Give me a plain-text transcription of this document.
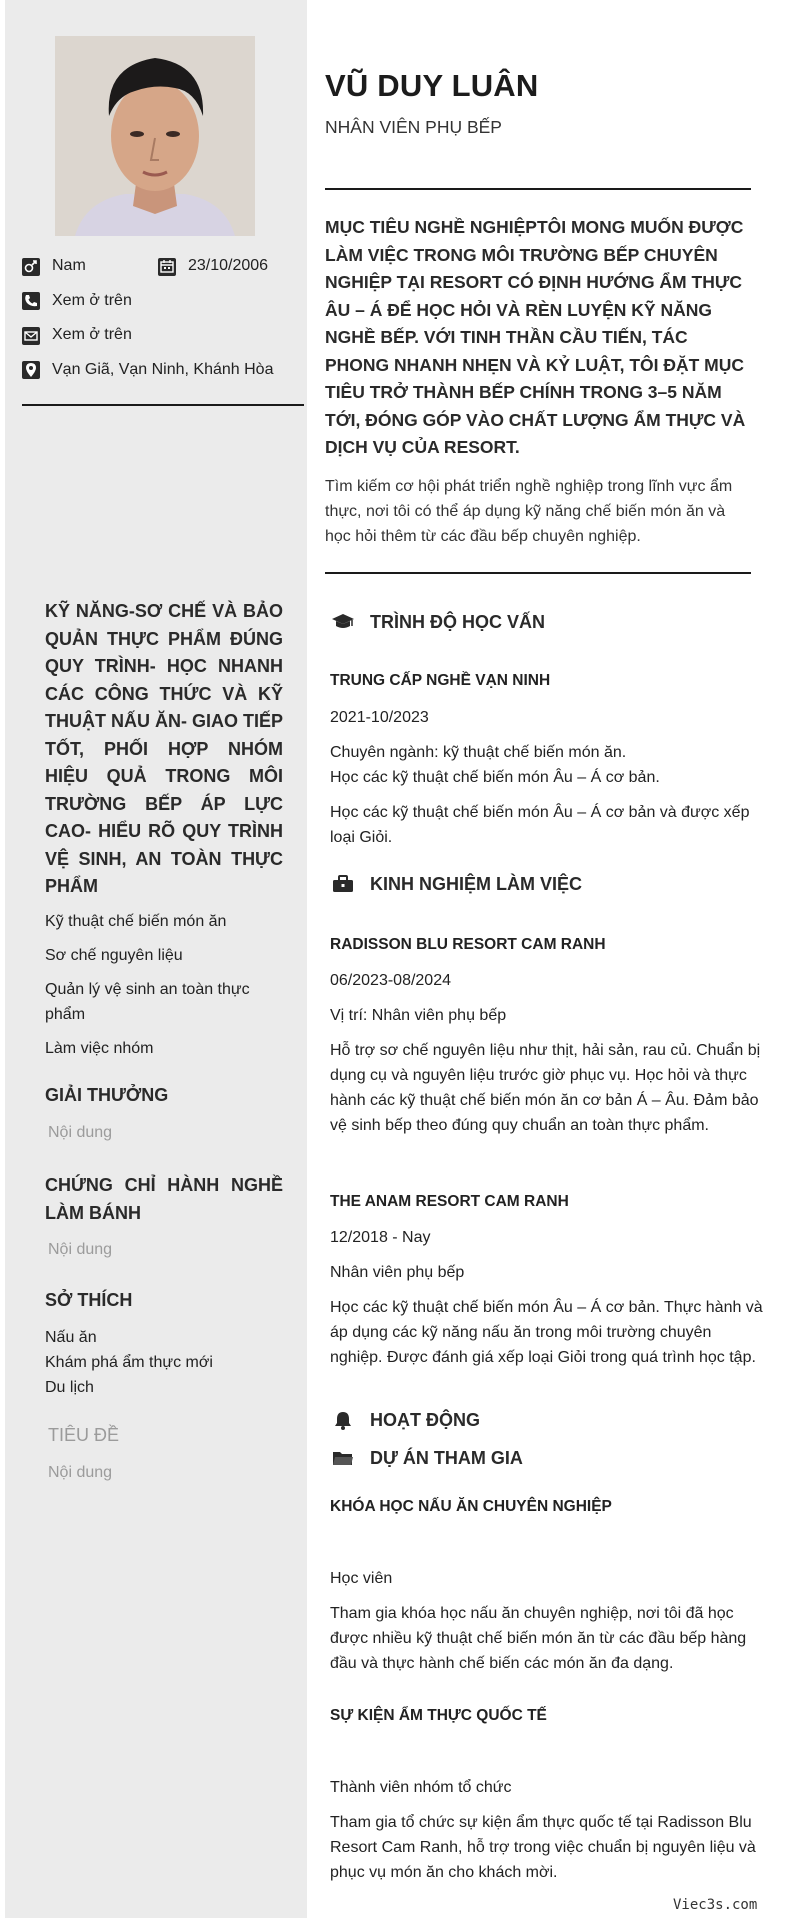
Nam	23/10/2006
Xem ở trên
Xem ở trên
Vạn Giã, Vạn Ninh, Khánh Hòa
KỸ NĂNG-SƠ CHẾ VÀ BẢO QUẢN THỰC PHẨM ĐÚNG QUY TRÌNH- HỌC NHANH CÁC CÔNG THỨC VÀ KỸ THUẬT NẤU ĂN- GIAO TIẾP TỐT, PHỐI HỢP NHÓM HIỆU QUẢ TRONG MÔI TRƯỜNG BẾP ÁP LỰC CAO- HIỂU RÕ QUY TRÌNH VỆ SINH, AN TOÀN THỰC PHẨM

Kỹ thuật chế biến món ăn

Sơ chế nguyên liệu

Quản lý vệ sinh an toàn thực phẩm

Làm việc nhóm

GIẢI THƯỞNG
Nội dung
CHỨNG CHỈ HÀNH NGHỀ LÀM BÁNH
Nội dung
SỞ THÍCH

Nấu ăn

Khám phá ẩm thực mới

Du lịch

TIÊU ĐỀ
Nội dung
VŨ DUY LUÂN
NHÂN VIÊN PHỤ BẾP
MỤC TIÊU NGHỀ NGHIỆPTÔI MONG MUỐN ĐƯỢC LÀM VIỆC TRONG MÔI TRƯỜNG BẾP CHUYÊN NGHIỆP TẠI RESORT CÓ ĐỊNH HƯỚNG ẨM THỰC ÂU – Á ĐỂ HỌC HỎI VÀ RÈN LUYỆN KỸ NĂNG NGHỀ BẾP. VỚI TINH THẦN CẦU TIẾN, TÁC PHONG NHANH NHẸN VÀ KỶ LUẬT, TÔI ĐẶT MỤC TIÊU TRỞ THÀNH BẾP CHÍNH TRONG 3–5 NĂM TỚI, ĐÓNG GÓP VÀO CHẤT LƯỢNG ẨM THỰC VÀ DỊCH VỤ CỦA RESORT.
Tìm kiếm cơ hội phát triển nghề nghiệp trong lĩnh vực ẩm thực, nơi tôi có thể áp dụng kỹ năng chế biến món ăn và học hỏi thêm từ các đầu bếp chuyên nghiệp.
TRÌNH ĐỘ HỌC VẤN
TRUNG CẤP NGHỀ VẠN NINH
2021-10/2023
Chuyên ngành: kỹ thuật chế biến món ăn.
Học các kỹ thuật chế biến món Âu – Á cơ bản.
Học các kỹ thuật chế biến món Âu – Á cơ bản và được xếp loại Giỏi.
KINH NGHIỆM LÀM VIỆC
RADISSON BLU RESORT CAM RANH
06/2023-08/2024
Vị trí: Nhân viên phụ bếp
Hỗ trợ sơ chế nguyên liệu như thịt, hải sản, rau củ. Chuẩn bị dụng cụ và nguyên liệu trước giờ phục vụ. Học hỏi và thực hành các kỹ thuật chế biến món ăn cơ bản Á – Âu. Đảm bảo vệ sinh bếp theo đúng quy chuẩn an toàn thực phẩm.
THE ANAM RESORT CAM RANH
12/2018 - Nay
Nhân viên phụ bếp
Học các kỹ thuật chế biến món Âu – Á cơ bản. Thực hành và áp dụng các kỹ năng nấu ăn trong môi trường chuyên nghiệp. Được đánh giá xếp loại Giỏi trong quá trình học tập.
HOẠT ĐỘNG
DỰ ÁN THAM GIA
KHÓA HỌC NẤU ĂN CHUYÊN NGHIỆP
Học viên
Tham gia khóa học nấu ăn chuyên nghiệp, nơi tôi đã học được nhiều kỹ thuật chế biến món ăn từ các đầu bếp hàng đầu và thực hành chế biến các món ăn đa dạng.
SỰ KIỆN ẨM THỰC QUỐC TẾ
Thành viên nhóm tổ chức
Tham gia tổ chức sự kiện ẩm thực quốc tế tại Radisson Blu Resort Cam Ranh, hỗ trợ trong việc chuẩn bị nguyên liệu và phục vụ món ăn cho khách mời.
Viec3s.com
